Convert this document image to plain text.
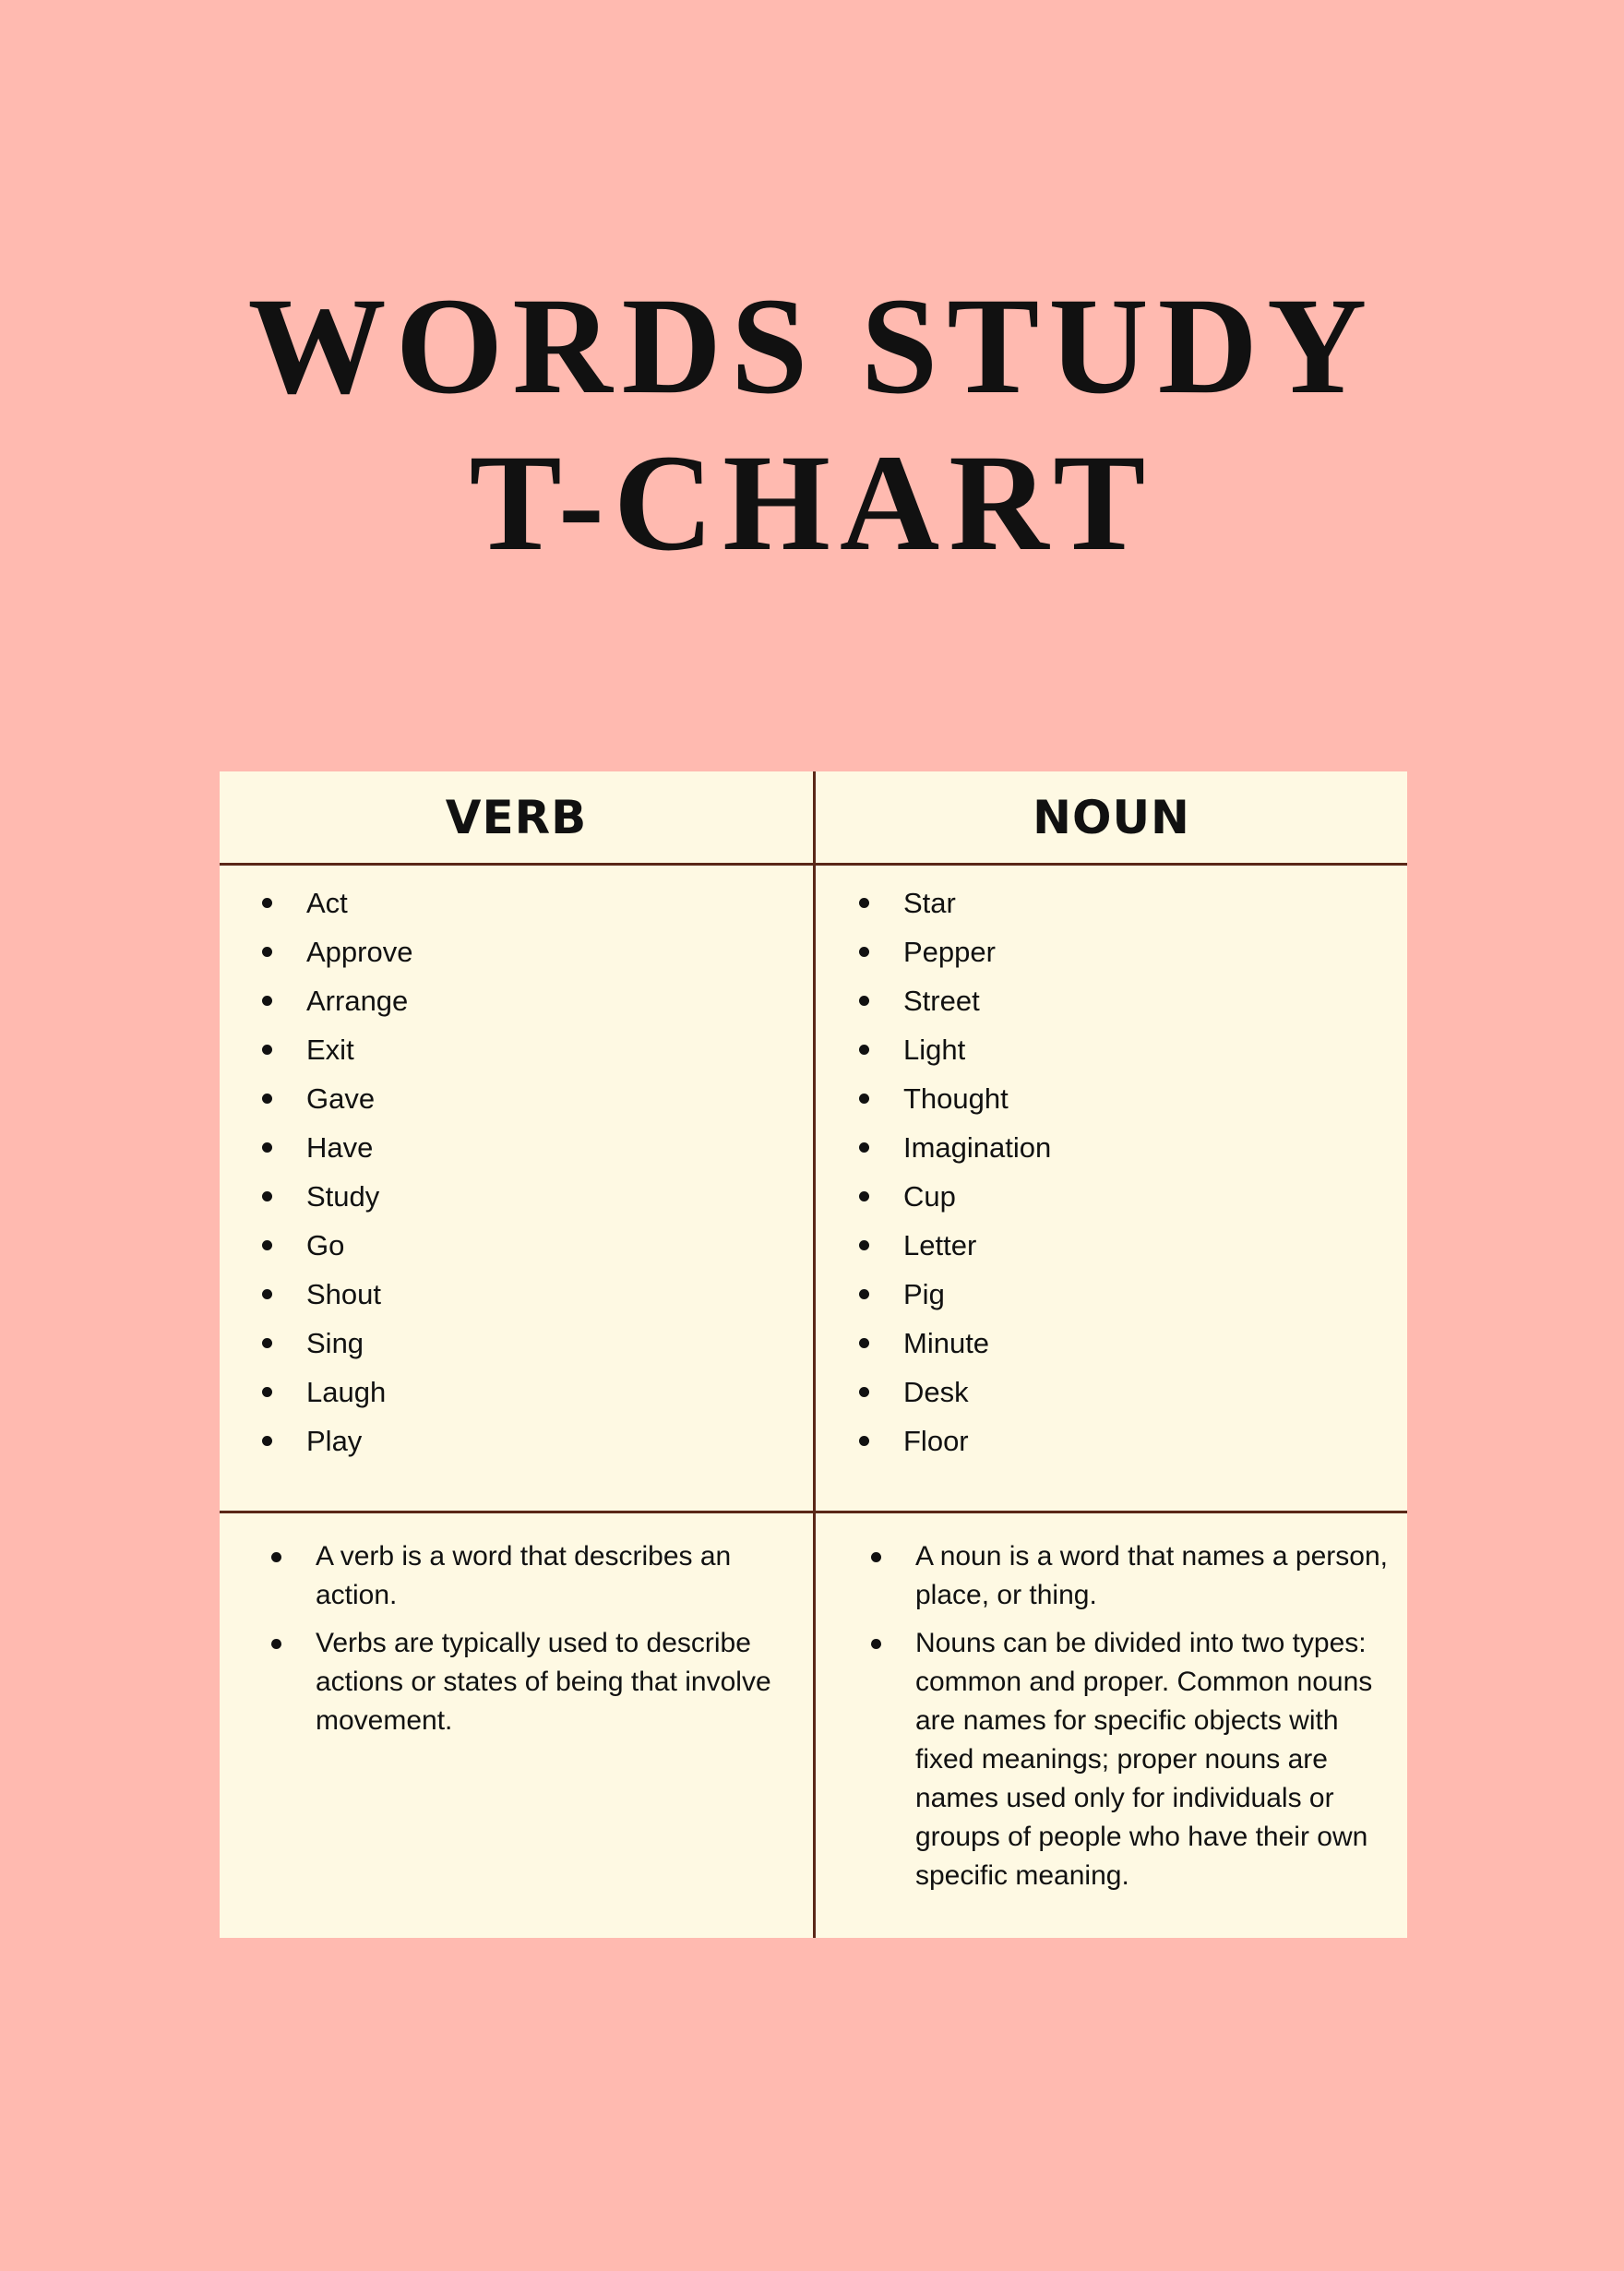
WORDS STUDY
T-CHART
VERB	NOUN
Act
Approve
Arrange
Exit
Gave
Have
Study
Go
Shout
Sing
Laugh
Play
Star
Pepper
Street
Light
Thought
Imagination
Cup
Letter
Pig
Minute
Desk
Floor
A verb is a word that describes an action.
Verbs are typically used to describe actions or states of being that involve movement.
A noun is a word that names a person, place, or thing.
Nouns can be divided into two types: common and proper. Common nouns are names for specific objects with fixed meanings; proper nouns are names used only for individuals or groups of people who have their own specific meaning.
